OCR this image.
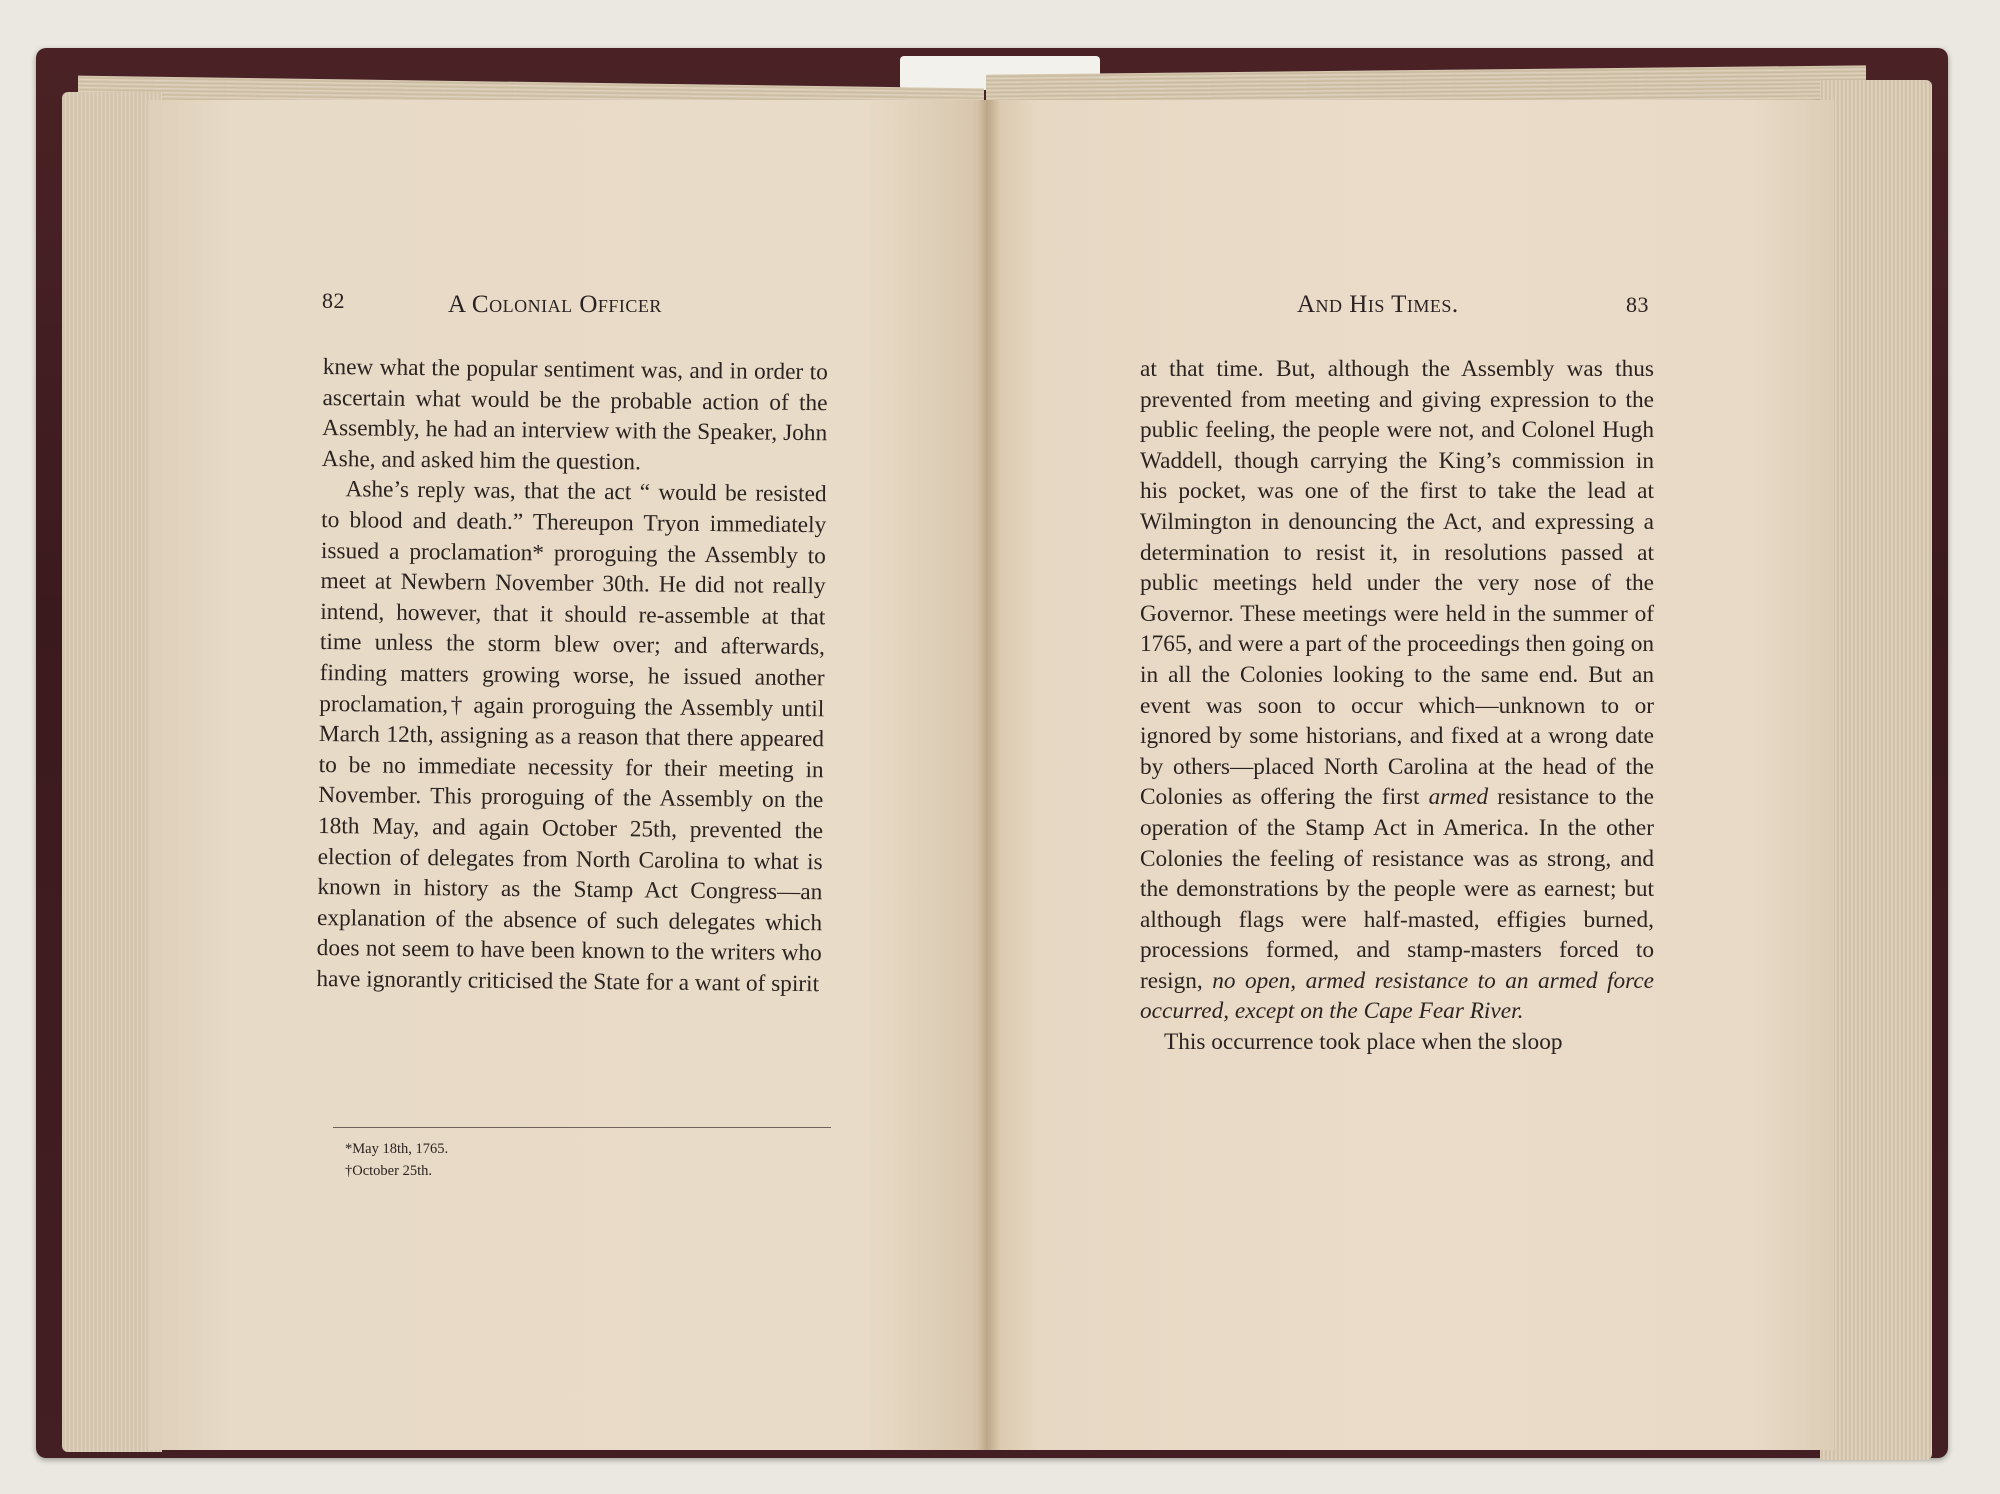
82	A Colonial Officer	And His Times.	83

knew what the popular sentiment was, and in order to ascertain what would be the probable action of the Assembly, he had an interview with the Speaker, John Ashe, and asked him the question.

Ashe’s reply was, that the act “ would be resisted to blood and death.” Thereupon Tryon immediately issued a proclamation* proroguing the Assembly to meet at Newbern November 30th. He did not really intend, however, that it should re-assemble at that time unless the storm blew over; and afterwards, finding matters growing worse, he issued another proclamation,† again proroguing the Assembly until March 12th, assigning as a reason that there appeared to be no immediate necessity for their meeting in November. This proroguing of the Assembly on the 18th May, and again October 25th, prevented the election of delegates from North Carolina to what is known in history as the Stamp Act Congress—an explanation of the absence of such delegates which does not seem to have been known to the writers who have ignorantly criticised the State for a want of spirit

*May 18th, 1765.
†October 25th.

at that time. But, although the Assembly was thus prevented from meeting and giving expression to the public feeling, the people were not, and Colonel Hugh Waddell, though carrying the King’s commission in his pocket, was one of the first to take the lead at Wilmington in denouncing the Act, and expressing a determination to resist it, in resolutions passed at public meetings held under the very nose of the Governor. These meetings were held in the summer of 1765, and were a part of the proceedings then going on in all the Colonies looking to the same end. But an event was soon to occur which—unknown to or ignored by some historians, and fixed at a wrong date by others—placed North Carolina at the head of the Colonies as offering the first armed resistance to the operation of the Stamp Act in America. In the other Colonies the feeling of resistance was as strong, and the demonstrations by the people were as earnest; but although flags were half-masted, effigies burned, processions formed, and stamp-masters forced to resign, no open, armed resistance to an armed force occurred, except on the Cape Fear River.

This occurrence took place when the sloop
